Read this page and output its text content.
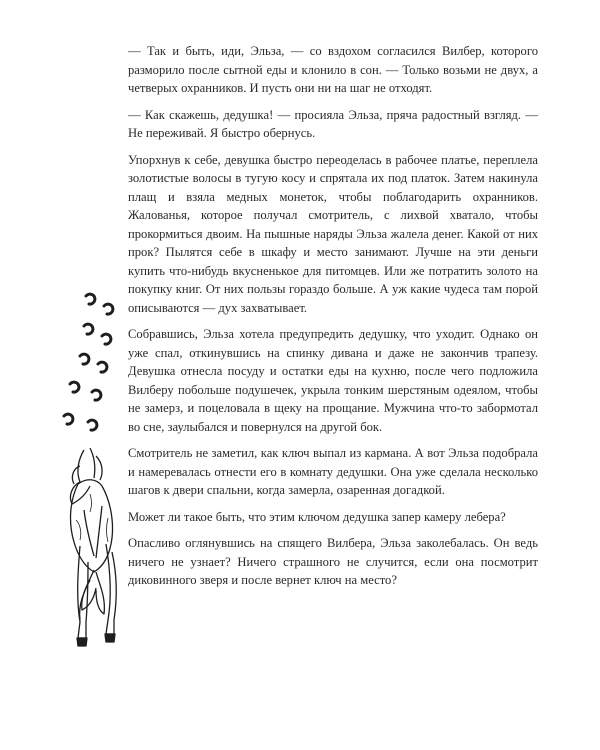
— Так и быть, иди, Эльза, — со вздохом согласился Вилбер, которого разморило после сытной еды и клонило в сон. — Только возьми не двух, а четверых охранников. И пусть они ни на шаг не отходят.

— Как скажешь, дедушка! — просияла Эльза, пряча радостный взгляд. — Не переживай. Я быстро обернусь.

Упорхнув к себе, девушка быстро переоделась в рабочее платье, переплела золотистые волосы в тугую косу и спрятала их под платок. Затем накинула плащ и взяла медных монеток, чтобы поблагодарить охранников. Жалованья, которое получал смотритель, с лихвой хватало, чтобы прокормиться двоим. На пышные наряды Эльза жалела денег. Какой от них прок? Пылятся себе в шкафу и место занимают. Лучше на эти деньги купить что-нибудь вкусненькое для питомцев. Или же потратить золото на покупку книг. От них пользы гораздо больше. А уж какие чудеса там порой описываются — дух захватывает.

Собравшись, Эльза хотела предупредить дедушку, что уходит. Однако он уже спал, откинувшись на спинку дивана и даже не закончив трапезу. Девушка отнесла посуду и остатки еды на кухню, после чего подложила Вилберу побольше подушечек, укрыла тонким шерстяным одеялом, чтобы не замерз, и поцеловала в щеку на прощание. Мужчина что-то забормотал во сне, заулыбался и повернулся на другой бок.

Смотритель не заметил, как ключ выпал из кармана. А вот Эльза подобрала и намеревалась отнести его в комнату дедушки. Она уже сделала несколько шагов к двери спальни, когда замерла, озаренная догадкой.

Может ли такое быть, что этим ключом дедушка запер камеру лебера?

Опасливо оглянувшись на спящего Вилбера, Эльза заколебалась. Он ведь ничего не узнает? Ничего страшного не случится, если она посмотрит диковинного зверя и после вернет ключ на место?
